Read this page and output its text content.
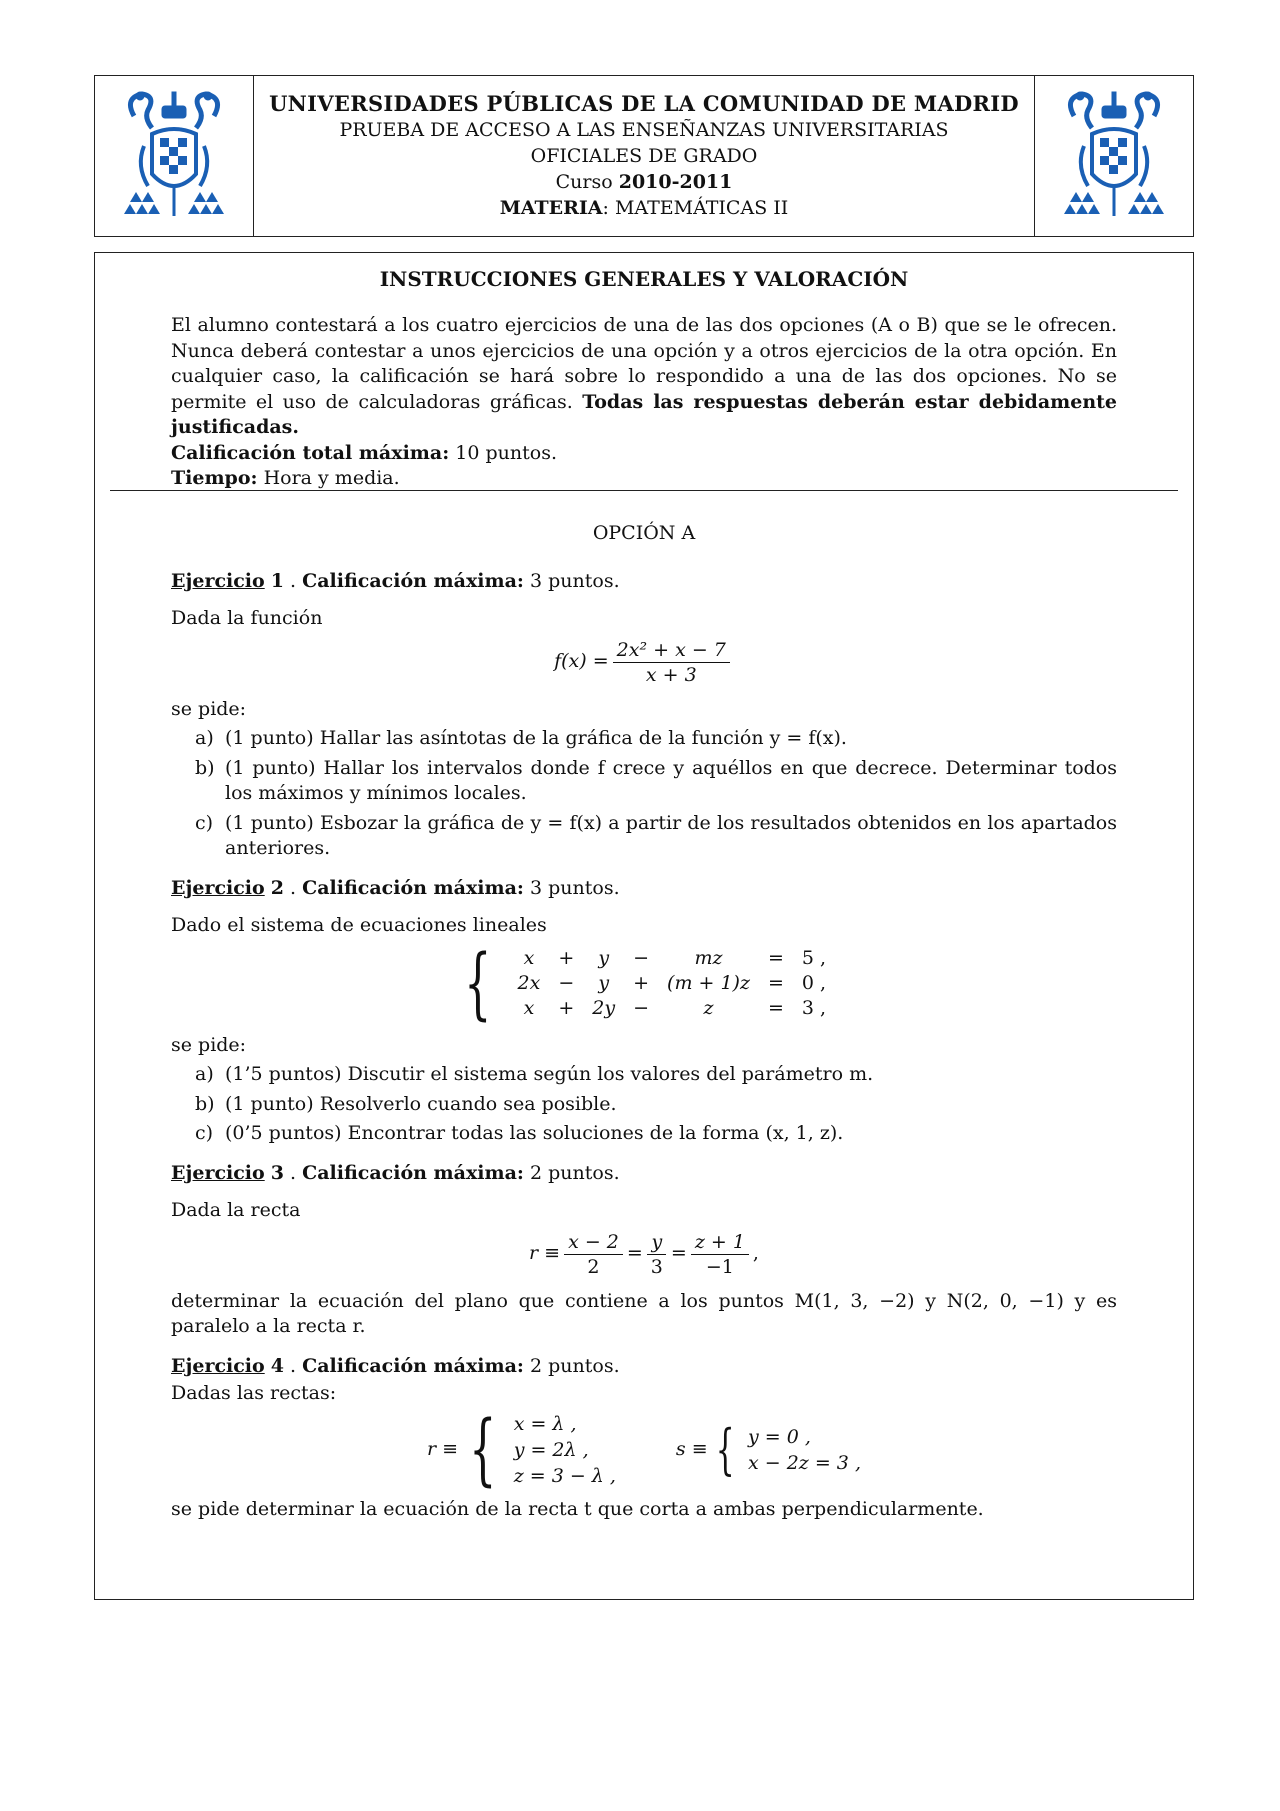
UNIVERSIDADES PÚBLICAS DE LA COMUNIDAD DE MADRID
PRUEBA DE ACCESO A LAS ENSEÑANZAS UNIVERSITARIAS
OFICIALES DE GRADO
Curso 2010-2011
MATERIA: MATEMÁTICAS II
INSTRUCCIONES GENERALES Y VALORACIÓN

El alumno contestará a los cuatro ejercicios de una de las dos opciones (A o B) que se le ofrecen. Nunca deberá contestar a unos ejercicios de una opción y a otros ejercicios de la otra opción. En cualquier caso, la calificación se hará sobre lo respondido a una de las dos opciones. No se permite el uso de calculadoras gráficas. Todas las respuestas deberán estar debidamente justificadas.

Calificación total máxima: 10 puntos.

Tiempo: Hora y media.

OPCIÓN A
Ejercicio 1 . Calificación máxima: 3 puntos.
Dada la función
$f(x) = \frac{\text{2x² + x − 7}}{x + 3}$
se pide:
a) (1 punto) Hallar las asíntotas de la gráfica de la función y = f(x).
b) (1 punto) Hallar los intervalos donde f crece y aquéllos en que decrece. Determinar todos los máximos y mínimos locales.
c) (1 punto) Esbozar la gráfica de y = f(x) a partir de los resultados obtenidos en los apartados anteriores.
Ejercicio 2 . Calificación máxima: 3 puntos.
Dado el sistema de ecuaciones lineales
{ x	+	y	−	mz	=	5 ,
2x	−	y	+	(m + 1)z	=	0 ,
x	+	2y	−	z	=	3 ,
se pide:
a) (1’5 puntos) Discutir el sistema según los valores del parámetro m.
b) (1 punto) Resolverlo cuando sea posible.
c) (0’5 puntos) Encontrar todas las soluciones de la forma (x, 1, z).
Ejercicio 3 . Calificación máxima: 2 puntos.
Dada la recta
$r \equiv \frac{x - 2}{2} = \frac{y}{3} = \frac{z + 1}{-1}$ ,
determinar la ecuación del plano que contiene a los puntos M(1, 3, −2) y N(2, 0, −1) y es paralelo a la recta r.
Ejercicio 4 . Calificación máxima: 2 puntos.
Dadas las rectas:
r ≡ { x = λ ,
y = 2λ ,
z = 3 − λ ,
s ≡ { y = 0 ,
x − 2z = 3 ,
se pide determinar la ecuación de la recta t que corta a ambas perpendicularmente.
